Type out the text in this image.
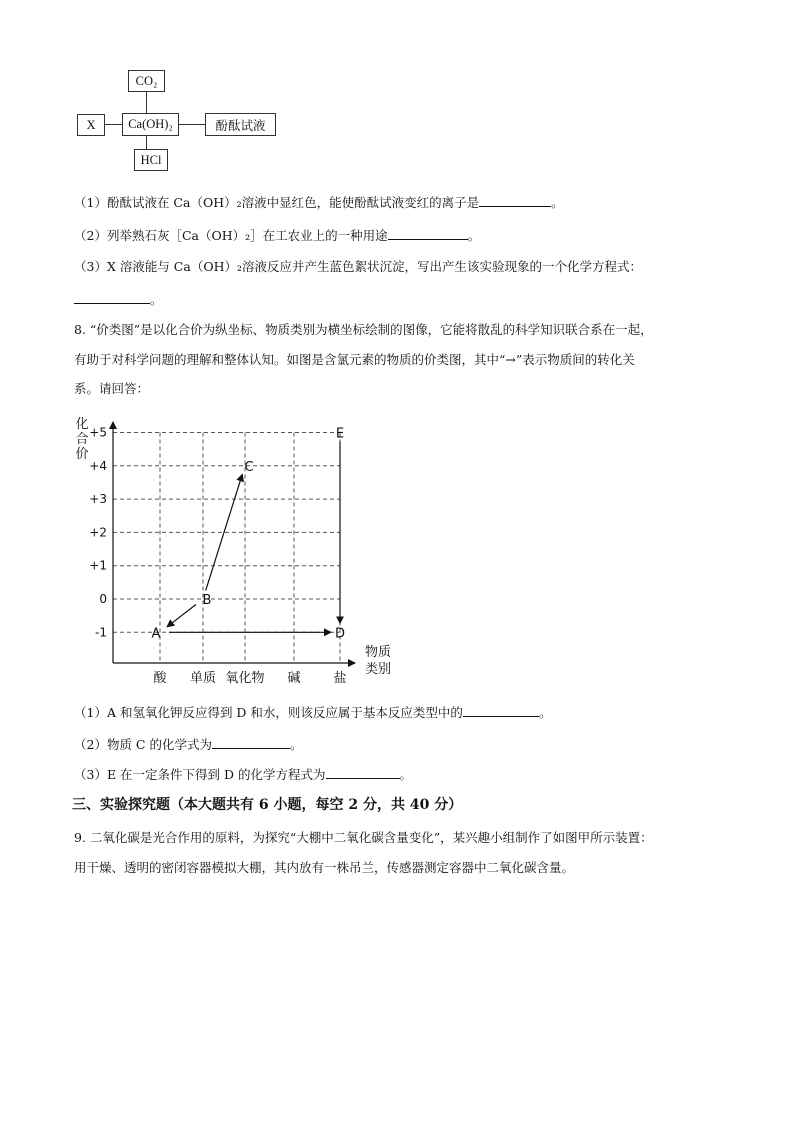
CO₂
Ca(OH)₂
X	酚酞试液
HCl
（1）酚酞试液在 Ca（OH）₂溶液中显红色，能使酚酞试液变红的离子是	。
（2）列举熟石灰［Ca（OH）₂］在工农业上的一种用途	。
（3）X 溶液能与 Ca（OH）₂溶液反应并产生蓝色絮状沉淀，写出产生该实验现象的一个化学方程式：
。
8. “价类图”是以化合价为纵坐标、物质类别为横坐标绘制的图像，它能将散乱的科学知识联合系在一起，
有助于对科学问题的理解和整体认知。如图是含氯元素的物质的价类图，其中“→”表示物质间的转化关
系。请回答：
+5
+4
+3
+2
+1
0
-1
化
合
价
酸 单质 氧化物 碱	盐
物质
类别
A
B
C
D
E
（1）A 和氢氧化钾反应得到 D 和水，则该反应属于基本反应类型中的	。
（2）物质 C 的化学式为	。
（3）E 在一定条件下得到 D 的化学方程式为	。
三、实验探究题（本大题共有 6 小题，每空 2 分，共 40 分）
9. 二氧化碳是光合作用的原料，为探究“大棚中二氧化碳含量变化”，某兴趣小组制作了如图甲所示装置：
用干燥、透明的密闭容器模拟大棚，其内放有一株吊兰，传感器测定容器中二氧化碳含量。
